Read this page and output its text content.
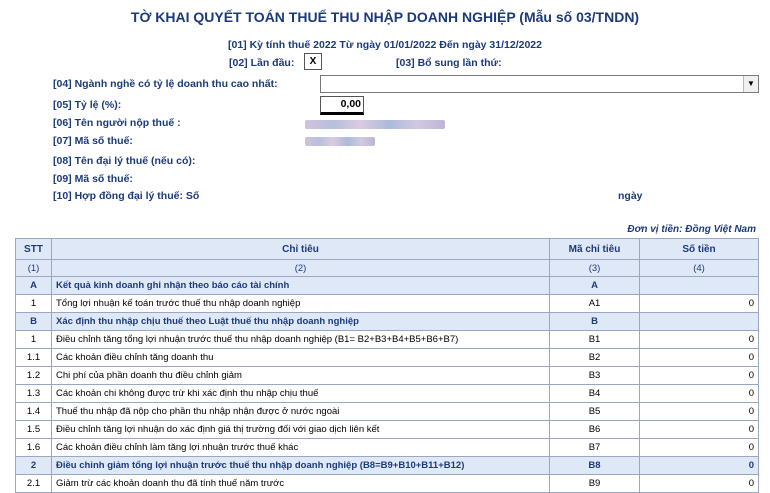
TỜ KHAI QUYẾT TOÁN THUẾ THU NHẬP DOANH NGHIỆP (Mẫu số 03/TNDN)
[01] Kỳ tính thuế 2022 Từ ngày 01/01/2022 Đến ngày 31/12/2022
[02] Lần đầu:	X	[03] Bổ sung lần thứ:
[04] Ngành nghề có tỷ lệ doanh thu cao nhất:	▼
[05] Tỷ lệ (%):	0,00
[06] Tên người nộp thuế :
[07] Mã số thuế:
[08] Tên đại lý thuế (nếu có):
[09] Mã số thuế:
[10] Hợp đồng đại lý thuế: Số	ngày
Đơn vị tiền: Đồng Việt Nam
STT	Chỉ tiêu	Mã chỉ tiêu	Số tiền
(1)	(2)	(3)	(4)
A	Kết quả kinh doanh ghi nhận theo báo cáo tài chính	A	
1	Tổng lợi nhuận kế toán trước thuế thu nhập doanh nghiệp	A1	0
B	Xác định thu nhập chịu thuế theo Luật thuế thu nhập doanh nghiệp	B	
1	Điều chỉnh tăng tổng lợi nhuận trước thuế thu nhập doanh nghiệp (B1= B2+B3+B4+B5+B6+B7)	B1	0
1.1	Các khoản điều chỉnh tăng doanh thu	B2	0
1.2	Chi phí của phần doanh thu điều chỉnh giảm	B3	0
1.3	Các khoản chi không được trừ khi xác định thu nhập chịu thuế	B4	0
1.4	Thuế thu nhập đã nộp cho phần thu nhập nhận được ở nước ngoài	B5	0
1.5	Điều chỉnh tăng lợi nhuận do xác định giá thị trường đối với giao dịch liên kết	B6	0
1.6	Các khoản điều chỉnh làm tăng lợi nhuận trước thuế khác	B7	0
2	Điều chỉnh giảm tổng lợi nhuận trước thuế thu nhập doanh nghiệp (B8=B9+B10+B11+B12)	B8	0
2.1	Giảm trừ các khoản doanh thu đã tính thuế năm trước	B9	0
